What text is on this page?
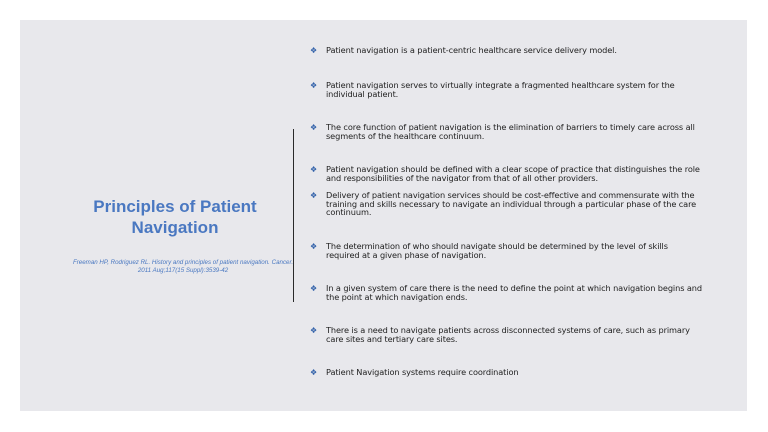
Principles of Patient Navigation

Freeman HP, Rodriguez RL. History and principles of patient navigation. Cancer. 2011 Aug;117(15 Suppl):3539-42

❖	Patient navigation is a patient-centric healthcare service delivery model.
❖	Patient navigation serves to virtually integrate a fragmented healthcare system for the individual patient.
❖	The core function of patient navigation is the elimination of barriers to timely care across all segments of the healthcare continuum.
❖	Patient navigation should be defined with a clear scope of practice that distinguishes the role and responsibilities of the navigator from that of all other providers.
❖	Delivery of patient navigation services should be cost-effective and commensurate with the training and skills necessary to navigate an individual through a particular phase of the care continuum.
❖	The determination of who should navigate should be determined by the level of skills required at a given phase of navigation.
❖	In a given system of care there is the need to define the point at which navigation begins and the point at which navigation ends.
❖	There is a need to navigate patients across disconnected systems of care, such as primary care sites and tertiary care sites.
❖	Patient Navigation systems require coordination
